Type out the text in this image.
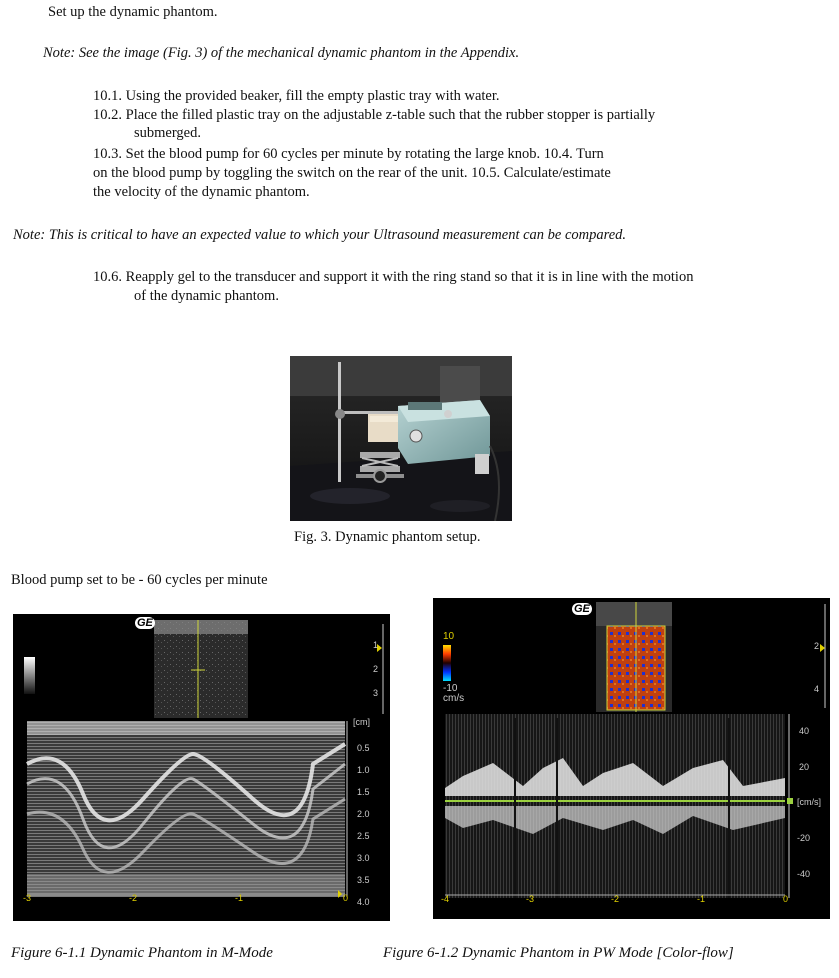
Set up the dynamic phantom.
Note: See the image (Fig. 3) of the mechanical dynamic phantom in the Appendix.
10.1. Using the provided beaker, fill the empty plastic tray with water.
10.2. Place the filled plastic tray on the adjustable z-table such that the rubber stopper is partially
submerged.
10.3. Set the blood pump for 60 cycles per minute by rotating the large knob. 10.4. Turn
on the blood pump by toggling the switch on the rear of the unit. 10.5. Calculate/estimate
the velocity of the dynamic phantom.
Note: This is critical to have an expected value to which your Ultrasound measurement can be compared.
10.6. Reapply gel to the transducer and support it with the ring stand so that it is in line with the motion
of the dynamic phantom.
Fig. 3. Dynamic phantom setup.
Blood pump set to be - 60 cycles per minute
GE
1
2
3
[cm]
0.5
1.0
1.5
2.0
2.5
3.0
3.5
4.0
-3	-2	-1	0
GE
10
-10
cm/s
2
4
40
20
[cm/s]
-20
-40
-4	-3	-2	-1	0
Figure 6-1.1 Dynamic Phantom in M-Mode	Figure 6-1.2 Dynamic Phantom in PW Mode [Color-flow]
